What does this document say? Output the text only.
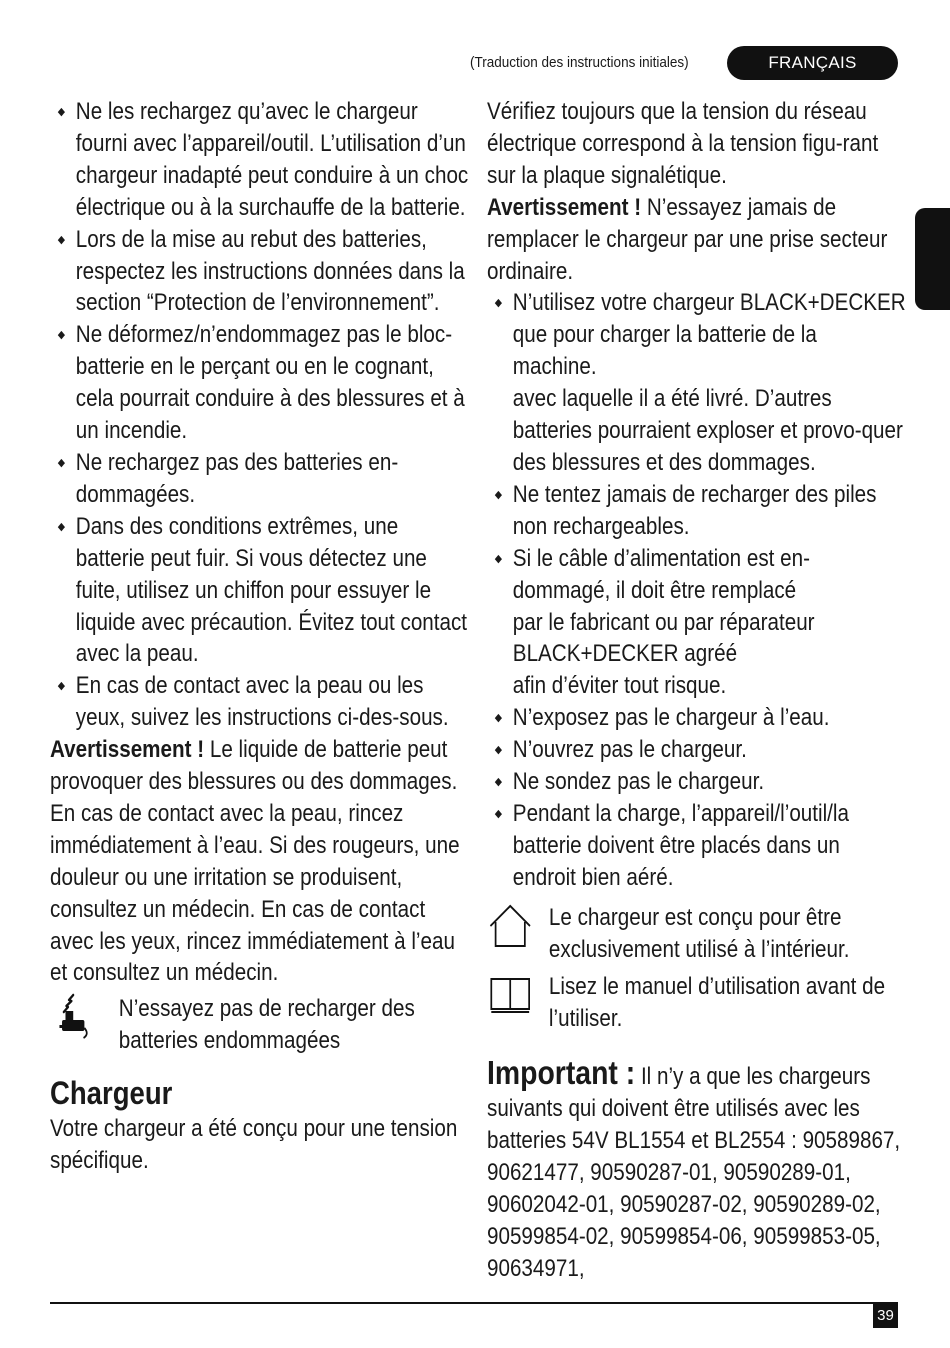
(Traduction des instructions initiales)	FRANÇAIS
◆ Ne les rechargez qu’avec le chargeur fourni avec l’appareil/outil. L’utilisation d’un chargeur inadapté peut conduire à un choc électrique ou à la surchauffe de la batterie.
◆ Lors de la mise au rebut des batteries, respectez les instructions données dans la section “Protection de l’environnement”.
◆ Ne déformez/n’endommagez pas le bloc-batterie en le perçant ou en le cognant, cela pourrait conduire à des blessures et à un incendie.
◆ Ne rechargez pas des batteries en-dommagées.
◆ Dans des conditions extrêmes, une batterie peut fuir. Si vous détectez une fuite, utilisez un chiffon pour essuyer le liquide avec précaution. Évitez tout contact avec la peau.
◆ En cas de contact avec la peau ou les yeux, suivez les instructions ci-des-sous.

Avertissement ! Le liquide de batterie peut provoquer des blessures ou des dommages. En cas de contact avec la peau, rincez immédiatement à l’eau. Si des rougeurs, une douleur ou une irritation se produisent, consultez un médecin. En cas de contact avec les yeux, rincez immédiatement à l’eau et consultez un médecin.

N’essayez pas de recharger des batteries endommagées
Chargeur

Votre chargeur a été conçu pour une tension spécifique.

Vérifiez toujours que la tension du réseau électrique correspond à la tension figu-rant sur la plaque signalétique.

Avertissement ! N’essayez jamais de remplacer le chargeur par une prise secteur ordinaire.

◆ N’utilisez votre chargeur BLACK+DECKER que pour charger la batterie de la machine.
avec laquelle il a été livré. D’autres batteries pourraient exploser et provo-quer des blessures et des dommages.
◆ Ne tentez jamais de recharger des piles non rechargeables.
◆ Si le câble d’alimentation est en-dommagé, il doit être remplacé
par le fabricant ou par réparateur BLACK+DECKER agréé
afin d’éviter tout risque.
◆ N’exposez pas le chargeur à l’eau.
◆ N’ouvrez pas le chargeur.
◆ Ne sondez pas le chargeur.
◆ Pendant la charge, l’appareil/l’outil/la batterie doivent être placés dans un endroit bien aéré.
Le chargeur est conçu pour être exclusivement utilisé à l’intérieur.
Lisez le manuel d’utilisation avant de l’utiliser.

Important : Il n’y a que les chargeurs suivants qui doivent être utilisés avec les batteries 54V BL1554 et BL2554 : 90589867, 90621477, 90590287-01, 90590289-01, 90602042-01, 90590287-02, 90590289-02, 90599854-02, 90599854-06, 90599853-05, 90634971,

39
